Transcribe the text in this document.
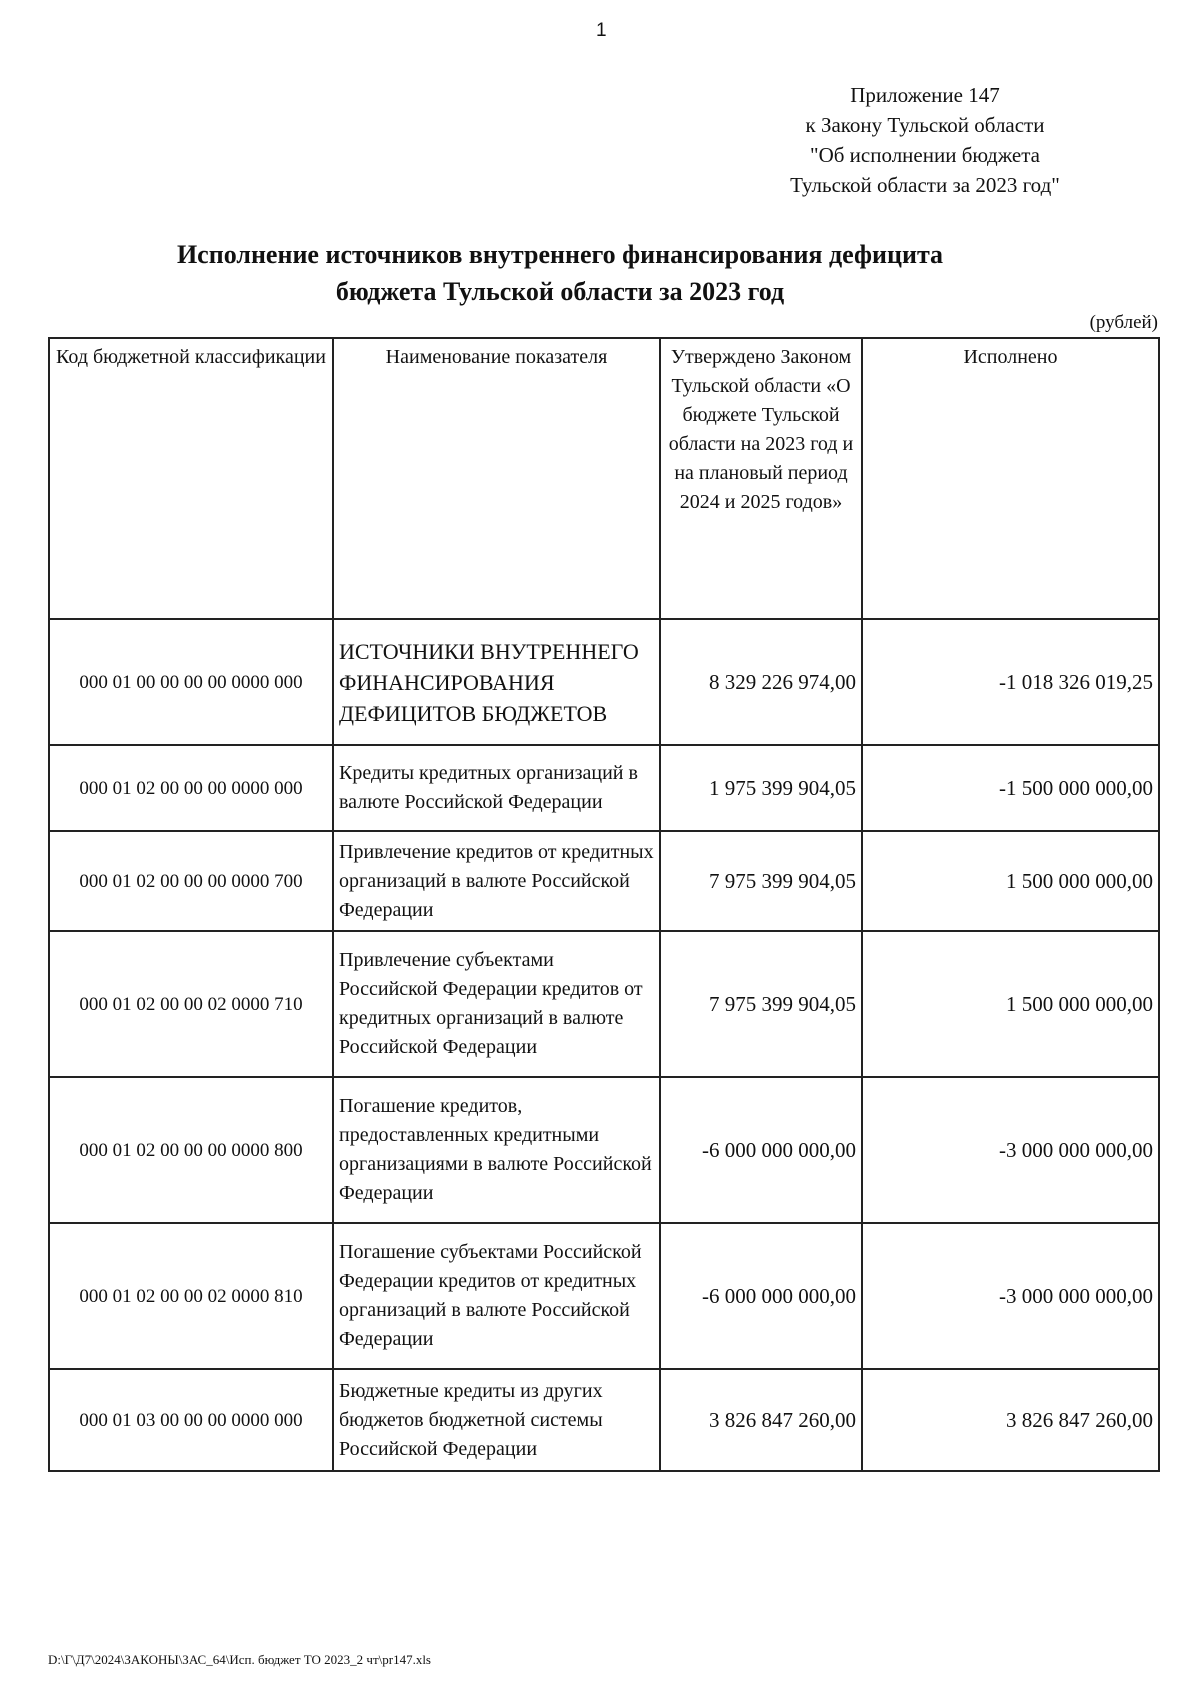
1
Приложение 147
к Закону Тульской области
"Об исполнении бюджета
Тульской области за 2023 год"
Исполнение источников внутреннего финансирования дефицита
бюджета Тульской области за 2023 год
(рублей)
Код бюджетной классификации	Наименование показателя	Утверждено Законом Тульской области «О бюджете Тульской области на 2023 год и на плановый период 2024 и 2025 годов»	Исполнено
000 01 00 00 00 00 0000 000	ИСТОЧНИКИ ВНУТРЕННЕГО ФИНАНСИРОВАНИЯ ДЕФИЦИТОВ БЮДЖЕТОВ	8 329 226 974,00	-1 018 326 019,25
000 01 02 00 00 00 0000 000	Кредиты кредитных организаций в валюте Российской Федерации	1 975 399 904,05	-1 500 000 000,00
000 01 02 00 00 00 0000 700	Привлечение кредитов от кредитных организаций в валюте Российской Федерации	7 975 399 904,05	1 500 000 000,00
000 01 02 00 00 02 0000 710	Привлечение субъектами Российской Федерации кредитов от кредитных организаций в валюте Российской Федерации	7 975 399 904,05	1 500 000 000,00
000 01 02 00 00 00 0000 800	Погашение кредитов, предоставленных кредитными организациями в валюте Российской Федерации	-6 000 000 000,00	-3 000 000 000,00
000 01 02 00 00 02 0000 810	Погашение субъектами Российской Федерации кредитов от кредитных организаций в валюте Российской Федерации	-6 000 000 000,00	-3 000 000 000,00
000 01 03 00 00 00 0000 000	Бюджетные кредиты из других бюджетов бюджетной системы Российской Федерации	3 826 847 260,00	3 826 847 260,00
D:\Г\Д7\2024\ЗАКОНЫ\ЗАС_64\Исп. бюджет ТО 2023_2 чт\pr147.xls
